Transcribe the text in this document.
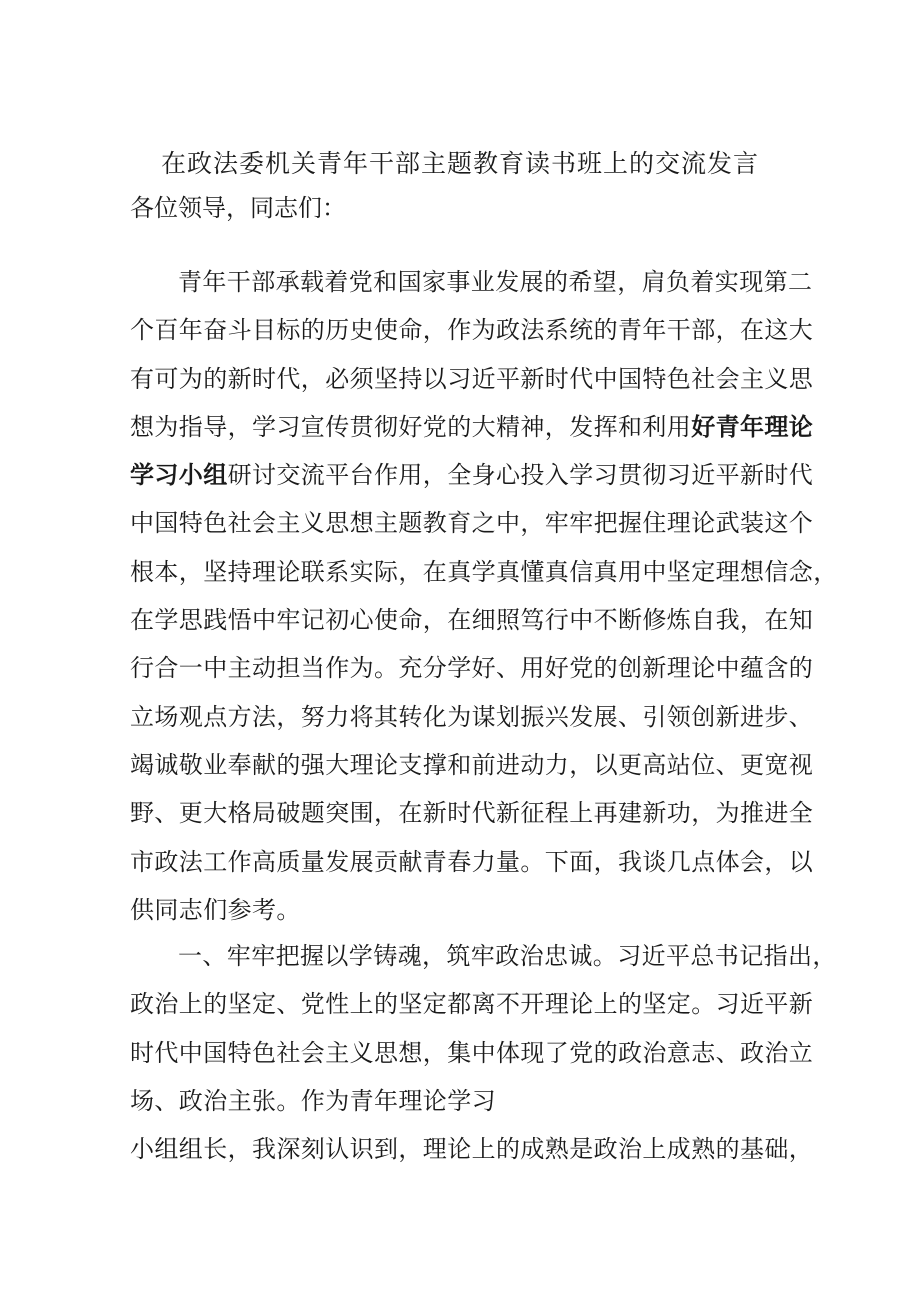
在政法委机关青年干部主题教育读书班上的交流发言
各位领导，同志们：
青年干部承载着党和国家事业发展的希望，肩负着实现第二
个百年奋斗目标的历史使命，作为政法系统的青年干部，在这大
有可为的新时代，必须坚持以习近平新时代中国特色社会主义思
想为指导，学习宣传贯彻好党的大精神，发挥和利用好青年理论
学习小组研讨交流平台作用，全身心投入学习贯彻习近平新时代
中国特色社会主义思想主题教育之中，牢牢把握住理论武装这个
根本，坚持理论联系实际，在真学真懂真信真用中坚定理想信念，
在学思践悟中牢记初心使命，在细照笃行中不断修炼自我，在知
行合一中主动担当作为。充分学好、用好党的创新理论中蕴含的
立场观点方法，努力将其转化为谋划振兴发展、引领创新进步、
竭诚敬业奉献的强大理论支撑和前进动力，以更高站位、更宽视
野、更大格局破题突围，在新时代新征程上再建新功，为推进全
市政法工作高质量发展贡献青春力量。下面，我谈几点体会，以
供同志们参考。
一、牢牢把握以学铸魂，筑牢政治忠诚。习近平总书记指出，
政治上的坚定、党性上的坚定都离不开理论上的坚定。习近平新
时代中国特色社会主义思想，集中体现了党的政治意志、政治立
场、政治主张。作为青年理论学习
小组组长，我深刻认识到，理论上的成熟是政治上成熟的基础，
